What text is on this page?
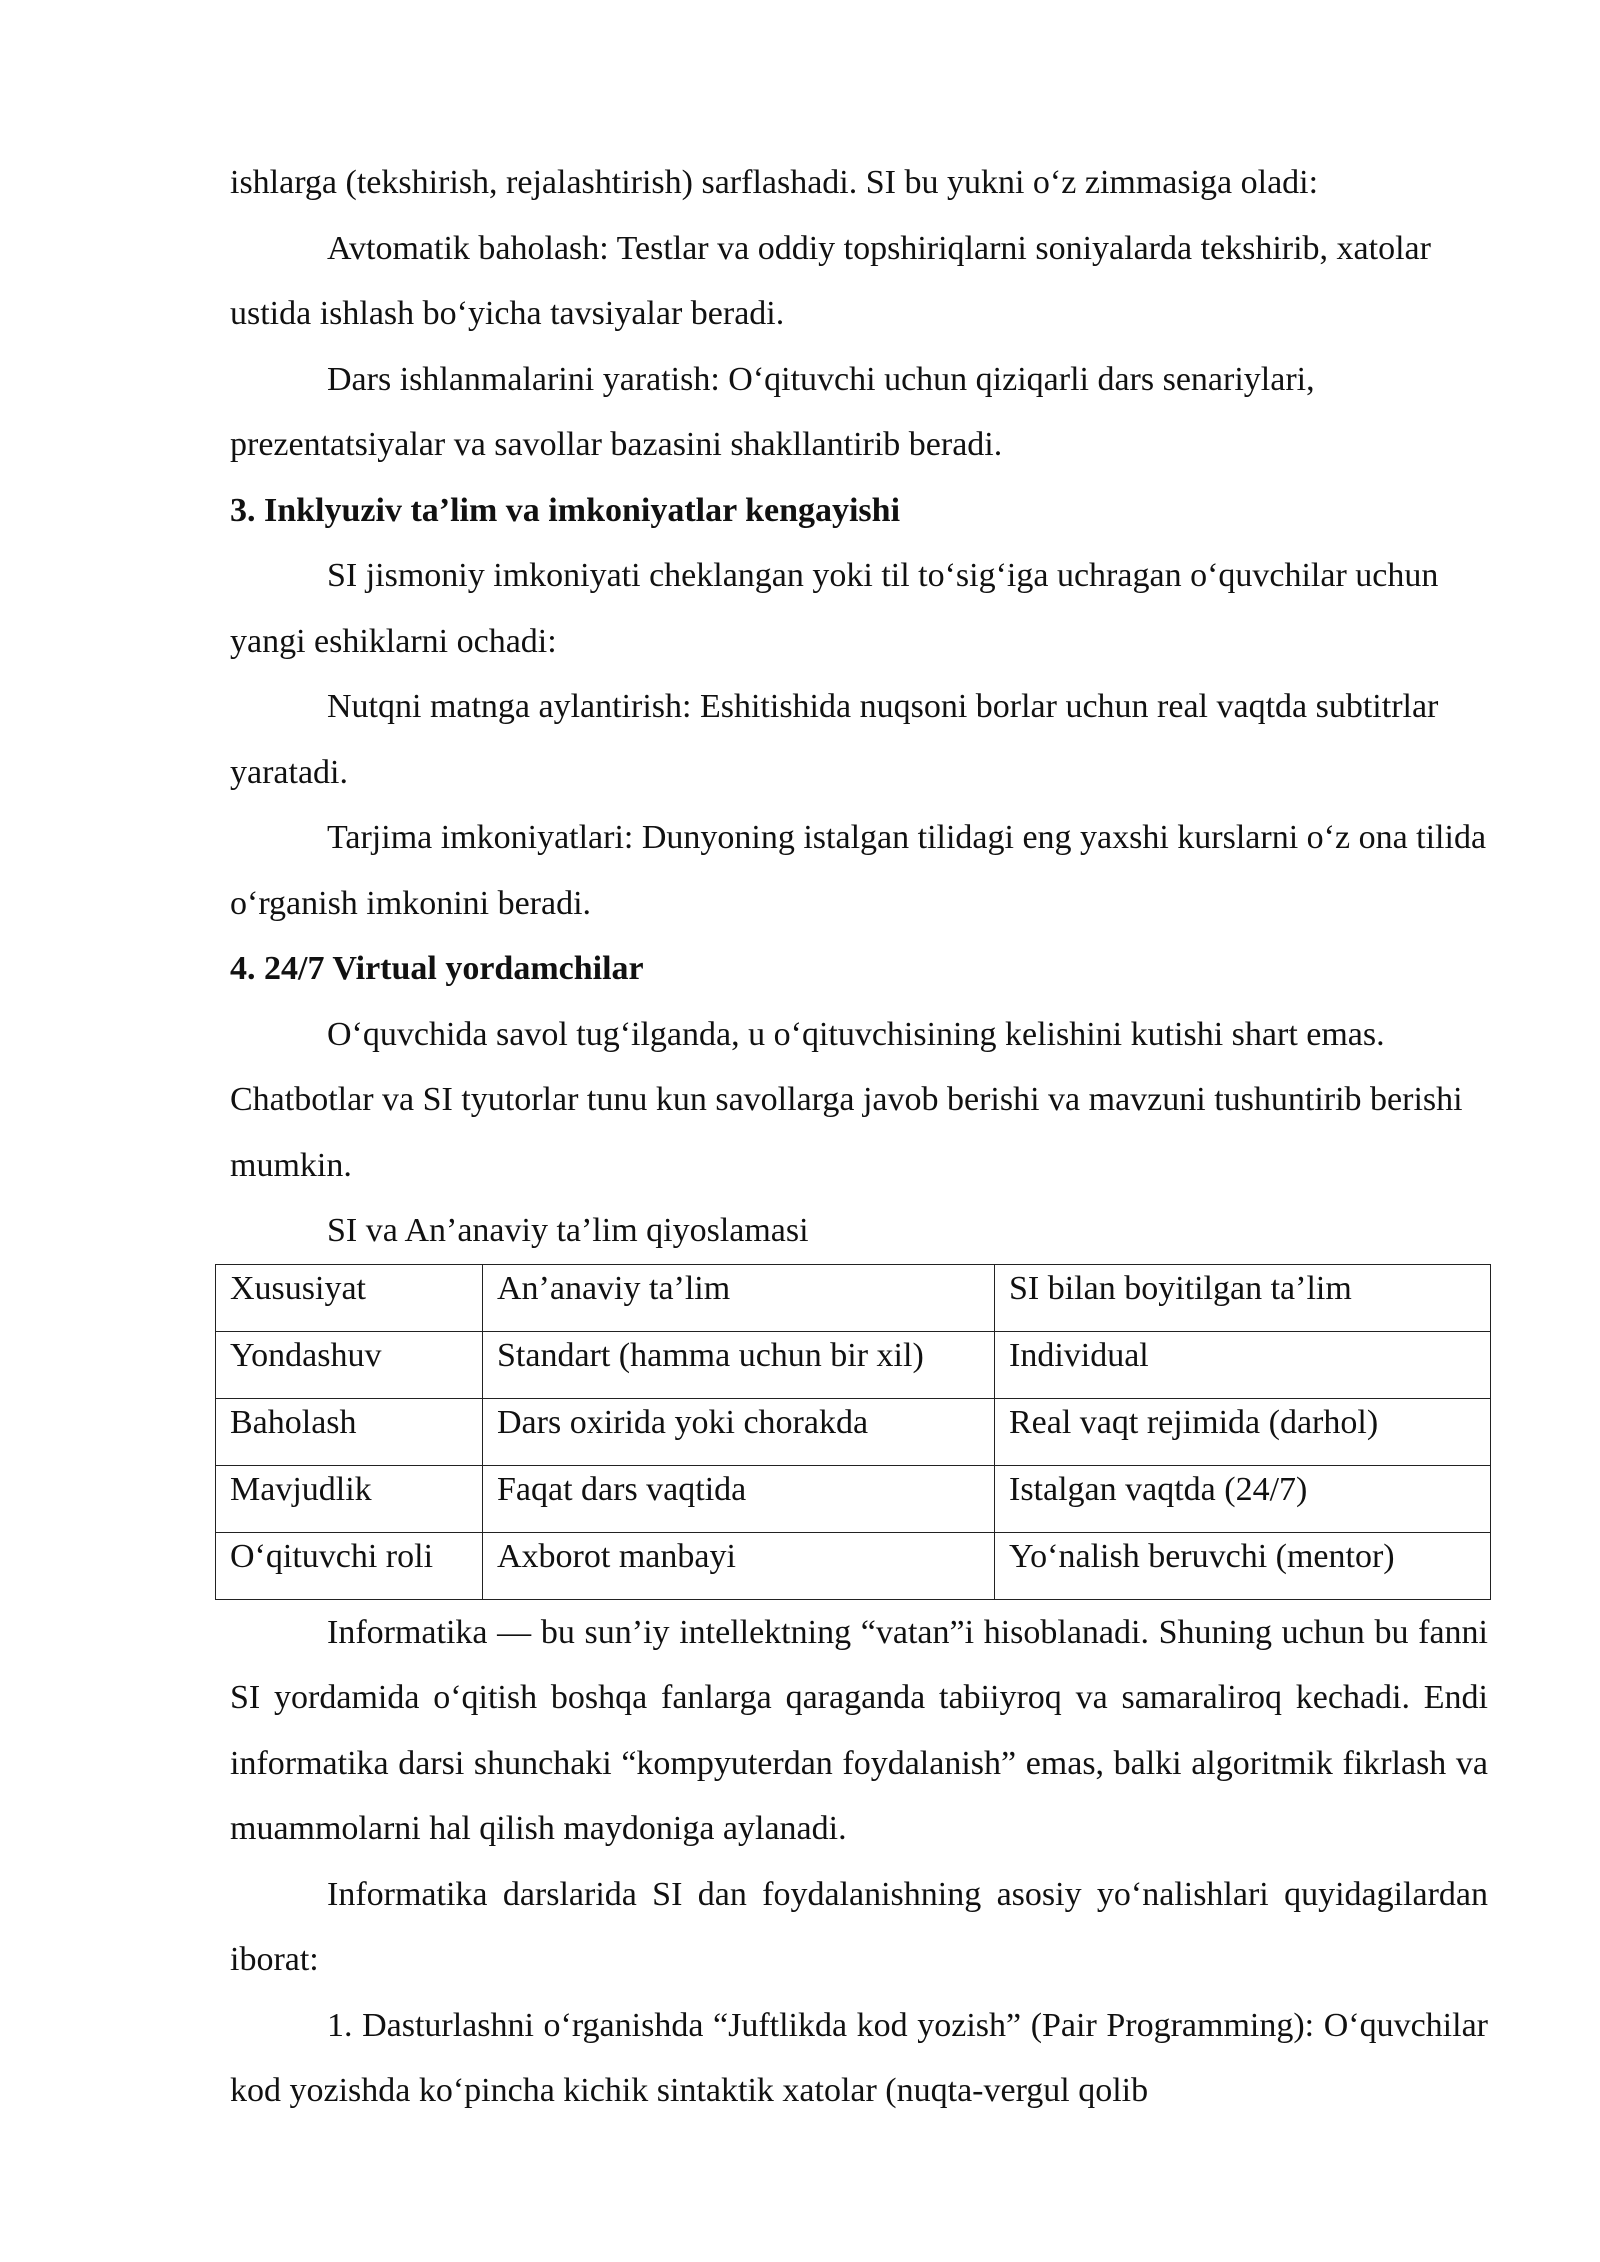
ishlarga (tekshirish, rejalashtirish) sarflashadi. SI bu yukni oʻz zimmasiga oladi:

Avtomatik baholash: Testlar va oddiy topshiriqlarni soniyalarda tekshirib, xatolar ustida ishlash boʻyicha tavsiyalar beradi.

Dars ishlanmalarini yaratish: Oʻqituvchi uchun qiziqarli dars senariylari, prezentatsiyalar va savollar bazasini shakllantirib beradi.

3. Inklyuziv ta’lim va imkoniyatlar kengayishi

SI jismoniy imkoniyati cheklangan yoki til toʻsigʻiga uchragan oʻquvchilar uchun yangi eshiklarni ochadi:

Nutqni matnga aylantirish: Eshitishida nuqsoni borlar uchun real vaqtda subtitrlar yaratadi.

Tarjima imkoniyatlari: Dunyoning istalgan tilidagi eng yaxshi kurslarni oʻz ona tilida oʻrganish imkonini beradi.

4. 24/7 Virtual yordamchilar

Oʻquvchida savol tugʻilganda, u oʻqituvchisining kelishini kutishi shart emas. Chatbotlar va SI tyutorlar tunu kun savollarga javob berishi va mavzuni tushuntirib berishi mumkin.

SI va An’anaviy ta’lim qiyoslamasi

Xususiyat	An’anaviy ta’lim	SI bilan boyitilgan ta’lim
Yondashuv	Standart (hamma uchun bir xil)	Individual
Baholash	Dars oxirida yoki chorakda	Real vaqt rejimida (darhol)
Mavjudlik	Faqat dars vaqtida	Istalgan vaqtda (24/7)
Oʻqituvchi roli	Axborot manbayi	Yoʻnalish beruvchi (mentor)

Informatika — bu sun’iy intellektning “vatan”i hisoblanadi. Shuning uchun bu fanni SI yordamida oʻqitish boshqa fanlarga qaraganda tabiiyroq va samaraliroq kechadi. Endi informatika darsi shunchaki “kompyuterdan foydalanish” emas, balki algoritmik fikrlash va muammolarni hal qilish maydoniga aylanadi.

Informatika darslarida SI dan foydalanishning asosiy yoʻnalishlari quyidagilardan iborat:

1. Dasturlashni oʻrganishda “Juftlikda kod yozish” (Pair Programming): Oʻquvchilar kod yozishda koʻpincha kichik sintaktik xatolar (nuqta-vergul qolib
